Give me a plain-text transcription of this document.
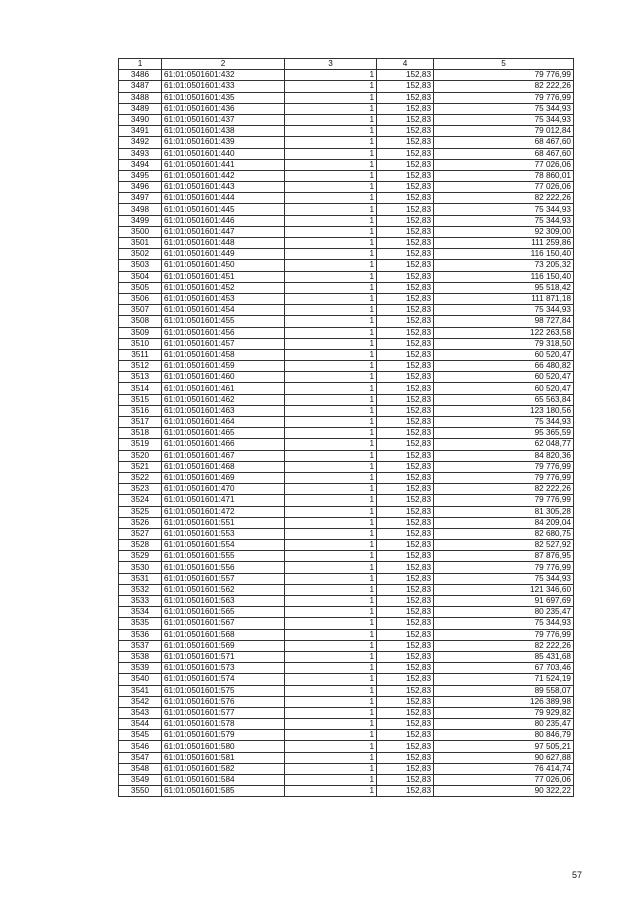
1	2	3	4	5
3486	61:01:0501601:432	1	152,83	79 776,99
3487	61:01:0501601:433	1	152,83	82 222,26
3488	61:01:0501601:435	1	152,83	79 776,99
3489	61:01:0501601:436	1	152,83	75 344,93
3490	61:01:0501601:437	1	152,83	75 344,93
3491	61:01:0501601:438	1	152,83	79 012,84
3492	61:01:0501601:439	1	152,83	68 467,60
3493	61:01:0501601:440	1	152,83	68 467,60
3494	61:01:0501601:441	1	152,83	77 026,06
3495	61:01:0501601:442	1	152,83	78 860,01
3496	61:01:0501601:443	1	152,83	77 026,06
3497	61:01:0501601:444	1	152,83	82 222,26
3498	61:01:0501601:445	1	152,83	75 344,93
3499	61:01:0501601:446	1	152,83	75 344,93
3500	61:01:0501601:447	1	152,83	92 309,00
3501	61:01:0501601:448	1	152,83	111 259,86
3502	61:01:0501601:449	1	152,83	116 150,40
3503	61:01:0501601:450	1	152,83	73 205,32
3504	61:01:0501601:451	1	152,83	116 150,40
3505	61:01:0501601:452	1	152,83	95 518,42
3506	61:01:0501601:453	1	152,83	111 871,18
3507	61:01:0501601:454	1	152,83	75 344,93
3508	61:01:0501601:455	1	152,83	98 727,84
3509	61:01:0501601:456	1	152,83	122 263,58
3510	61:01:0501601:457	1	152,83	79 318,50
3511	61:01:0501601:458	1	152,83	60 520,47
3512	61:01:0501601:459	1	152,83	66 480,82
3513	61:01:0501601:460	1	152,83	60 520,47
3514	61:01:0501601:461	1	152,83	60 520,47
3515	61:01:0501601:462	1	152,83	65 563,84
3516	61:01:0501601:463	1	152,83	123 180,56
3517	61:01:0501601:464	1	152,83	75 344,93
3518	61:01:0501601:465	1	152,83	95 365,59
3519	61:01:0501601:466	1	152,83	62 048,77
3520	61:01:0501601:467	1	152,83	84 820,36
3521	61:01:0501601:468	1	152,83	79 776,99
3522	61:01:0501601:469	1	152,83	79 776,99
3523	61:01:0501601:470	1	152,83	82 222,26
3524	61:01:0501601:471	1	152,83	79 776,99
3525	61:01:0501601:472	1	152,83	81 305,28
3526	61:01:0501601:551	1	152,83	84 209,04
3527	61:01:0501601:553	1	152,83	82 680,75
3528	61:01:0501601:554	1	152,83	82 527,92
3529	61:01:0501601:555	1	152,83	87 876,95
3530	61:01:0501601:556	1	152,83	79 776,99
3531	61:01:0501601:557	1	152,83	75 344,93
3532	61:01:0501601:562	1	152,83	121 346,60
3533	61:01:0501601:563	1	152,83	91 697,69
3534	61:01:0501601:565	1	152,83	80 235,47
3535	61:01:0501601:567	1	152,83	75 344,93
3536	61:01:0501601:568	1	152,83	79 776,99
3537	61:01:0501601:569	1	152,83	82 222,26
3538	61:01:0501601:571	1	152,83	85 431,68
3539	61:01:0501601:573	1	152,83	67 703,46
3540	61:01:0501601:574	1	152,83	71 524,19
3541	61:01:0501601:575	1	152,83	89 558,07
3542	61:01:0501601:576	1	152,83	126 389,98
3543	61:01:0501601:577	1	152,83	79 929,82
3544	61:01:0501601:578	1	152,83	80 235,47
3545	61:01:0501601:579	1	152,83	80 846,79
3546	61:01:0501601:580	1	152,83	97 505,21
3547	61:01:0501601:581	1	152,83	90 627,88
3548	61:01:0501601:582	1	152,83	76 414,74
3549	61:01:0501601:584	1	152,83	77 026,06
3550	61:01:0501601:585	1	152,83	90 322,22
57
